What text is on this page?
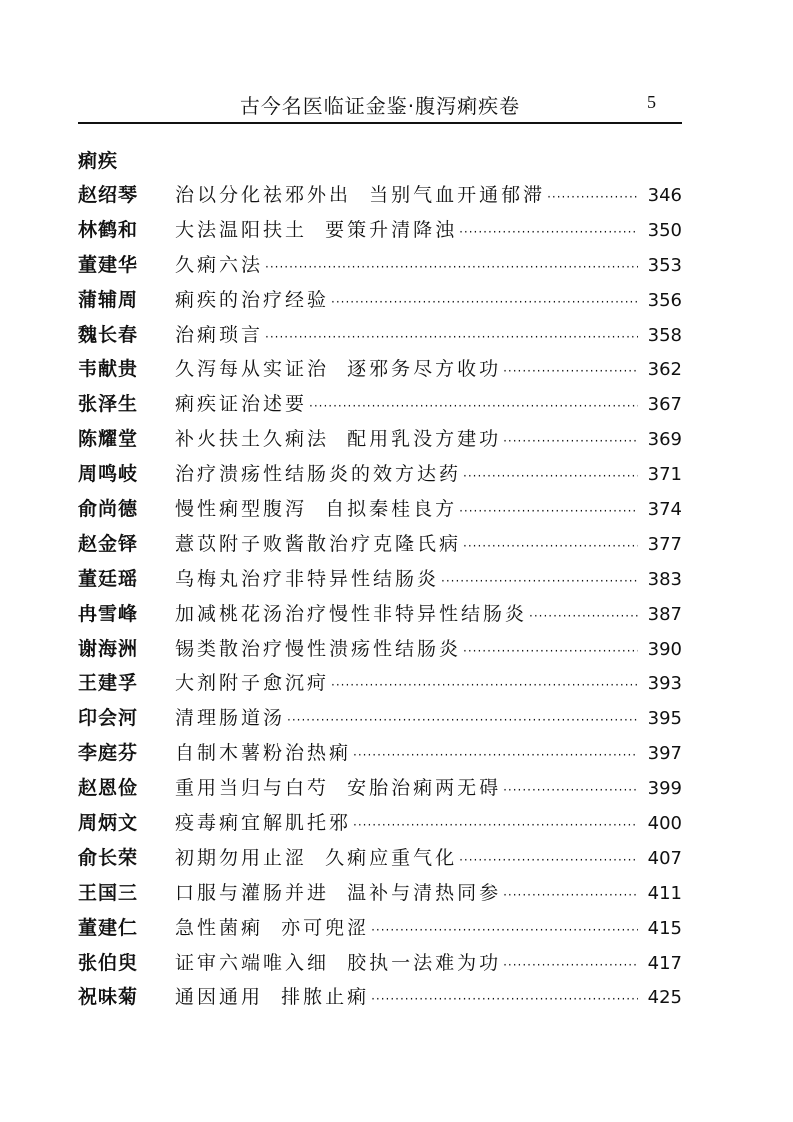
古今名医临证金鉴·腹泻痢疾卷	5
痢疾
赵绍琴	治以分化祛邪外出  当别气血开通郁滞 ·····	346
林鹤和	大法温阳扶土  要策升清降浊 ·····	350
董建华	久痢六法 ·····	353
蒲辅周	痢疾的治疗经验 ·····	356
魏长春	治痢琐言 ·····	358
韦献贵	久泻每从实证治  逐邪务尽方收功 ·····	362
张泽生	痢疾证治述要 ·····	367
陈耀堂	补火扶土久痢法  配用乳没方建功 ·····	369
周鸣岐	治疗溃疡性结肠炎的效方达药 ·····	371
俞尚德	慢性痢型腹泻  自拟秦桂良方 ·····	374
赵金铎	薏苡附子败酱散治疗克隆氏病 ·····	377
董廷瑶	乌梅丸治疗非特异性结肠炎 ·····	383
冉雪峰	加减桃花汤治疗慢性非特异性结肠炎 ·····	387
谢海洲	锡类散治疗慢性溃疡性结肠炎 ·····	390
王建孚	大剂附子愈沉疴 ·····	393
印会河	清理肠道汤 ·····	395
李庭芬	自制木薯粉治热痢 ·····	397
赵恩俭	重用当归与白芍  安胎治痢两无碍 ·····	399
周炳文	疫毒痢宜解肌托邪 ·····	400
俞长荣	初期勿用止涩  久痢应重气化 ·····	407
王国三	口服与灌肠并进  温补与清热同参 ·····	411
董建仁	急性菌痢  亦可兜涩 ·····	415
张伯臾	证审六端唯入细  胶执一法难为功 ·····	417
祝味菊	通因通用  排脓止痢 ·····	425
